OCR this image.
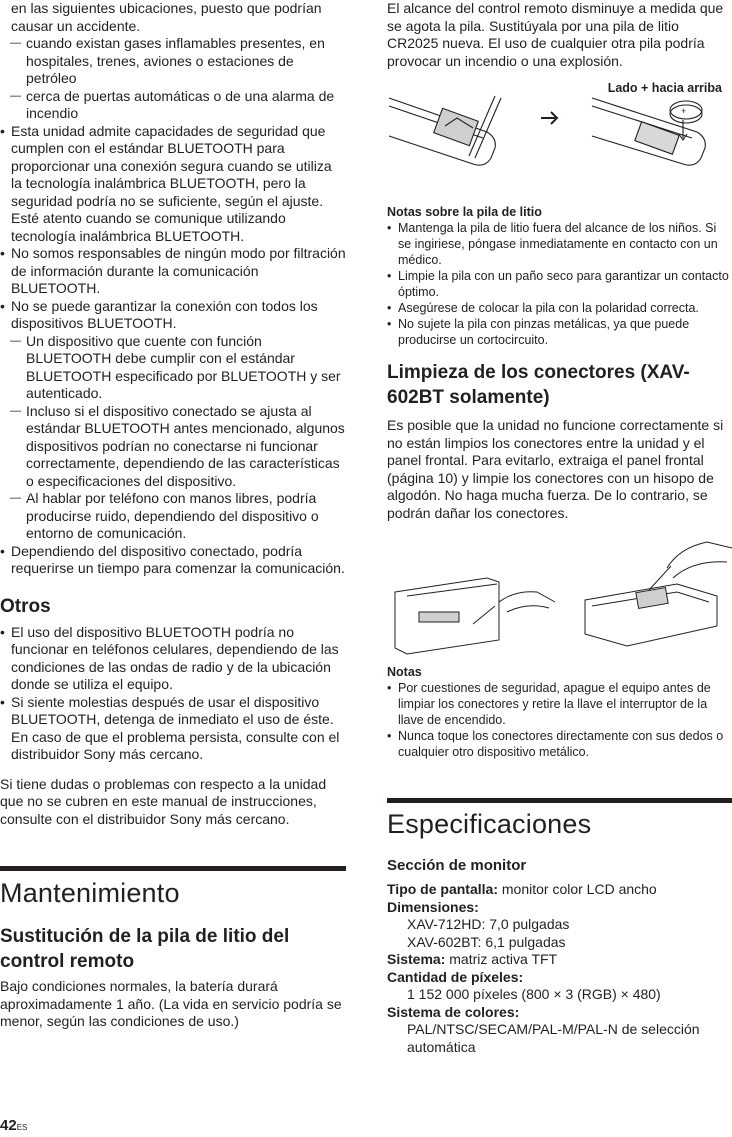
en las siguientes ubicaciones, puesto que podrían causar un accidente.

— cuando existan gases inflamables presentes, en hospitales, trenes, aviones o estaciones de petróleo

— cerca de puertas automáticas o de una alarma de incendio

• Esta unidad admite capacidades de seguridad que cumplen con el estándar BLUETOOTH para proporcionar una conexión segura cuando se utiliza la tecnología inalámbrica BLUETOOTH, pero la seguridad podría no se suficiente, según el ajuste. Esté atento cuando se comunique utilizando tecnología inalámbrica BLUETOOTH.

• No somos responsables de ningún modo por filtración de información durante la comunicación BLUETOOTH.

• No se puede garantizar la conexión con todos los dispositivos BLUETOOTH.

— Un dispositivo que cuente con función BLUETOOTH debe cumplir con el estándar BLUETOOTH especificado por BLUETOOTH y ser autenticado.

— Incluso si el dispositivo conectado se ajusta al estándar BLUETOOTH antes mencionado, algunos dispositivos podrían no conectarse ni funcionar correctamente, dependiendo de las características o especificaciones del dispositivo.

— Al hablar por teléfono con manos libres, podría producirse ruido, dependiendo del dispositivo o entorno de comunicación.

• Dependiendo del dispositivo conectado, podría requerirse un tiempo para comenzar la comunicación.

Otros

• El uso del dispositivo BLUETOOTH podría no funcionar en teléfonos celulares, dependiendo de las condiciones de las ondas de radio y de la ubicación donde se utiliza el equipo.

• Si siente molestias después de usar el dispositivo BLUETOOTH, detenga de inmediato el uso de éste. En caso de que el problema persista, consulte con el distribuidor Sony más cercano.

Si tiene dudas o problemas con respecto a la unidad que no se cubren en este manual de instrucciones, consulte con el distribuidor Sony más cercano.

Mantenimiento
Sustitución de la pila de litio del control remoto

Bajo condiciones normales, la batería durará aproximadamente 1 año. (La vida en servicio podría se menor, según las condiciones de uso.)

42ES

El alcance del control remoto disminuye a medida que se agota la pila. Sustitúyala por una pila de litio CR2025 nueva. El uso de cualquier otra pila podría provocar un incendio o una explosión.

Lado + hacia arriba
+

Notas sobre la pila de litio

• Mantenga la pila de litio fuera del alcance de los niños. Si se ingiriese, póngase inmediatamente en contacto con un médico.

• Limpie la pila con un paño seco para garantizar un contacto óptimo.

• Asegúrese de colocar la pila con la polaridad correcta.

• No sujete la pila con pinzas metálicas, ya que puede producirse un cortocircuito.

Limpieza de los conectores (XAV-602BT solamente)

Es posible que la unidad no funcione correctamente si no están limpios los conectores entre la unidad y el panel frontal. Para evitarlo, extraiga el panel frontal (página 10) y limpie los conectores con un hisopo de algodón. No haga mucha fuerza. De lo contrario, se podrán dañar los conectores.

Notas

• Por cuestiones de seguridad, apague el equipo antes de limpiar los conectores y retire la llave el interruptor de la llave de encendido.

• Nunca toque los conectores directamente con sus dedos o cualquier otro dispositivo metálico.

Especificaciones
Sección de monitor

Tipo de pantalla: monitor color LCD ancho

Dimensiones:

XAV-712HD: 7,0 pulgadas

XAV-602BT: 6,1 pulgadas

Sistema: matriz activa TFT

Cantidad de píxeles:

1 152 000 píxeles (800 × 3 (RGB) × 480)

Sistema de colores:

PAL/NTSC/SECAM/PAL-M/PAL-N de selección automática
